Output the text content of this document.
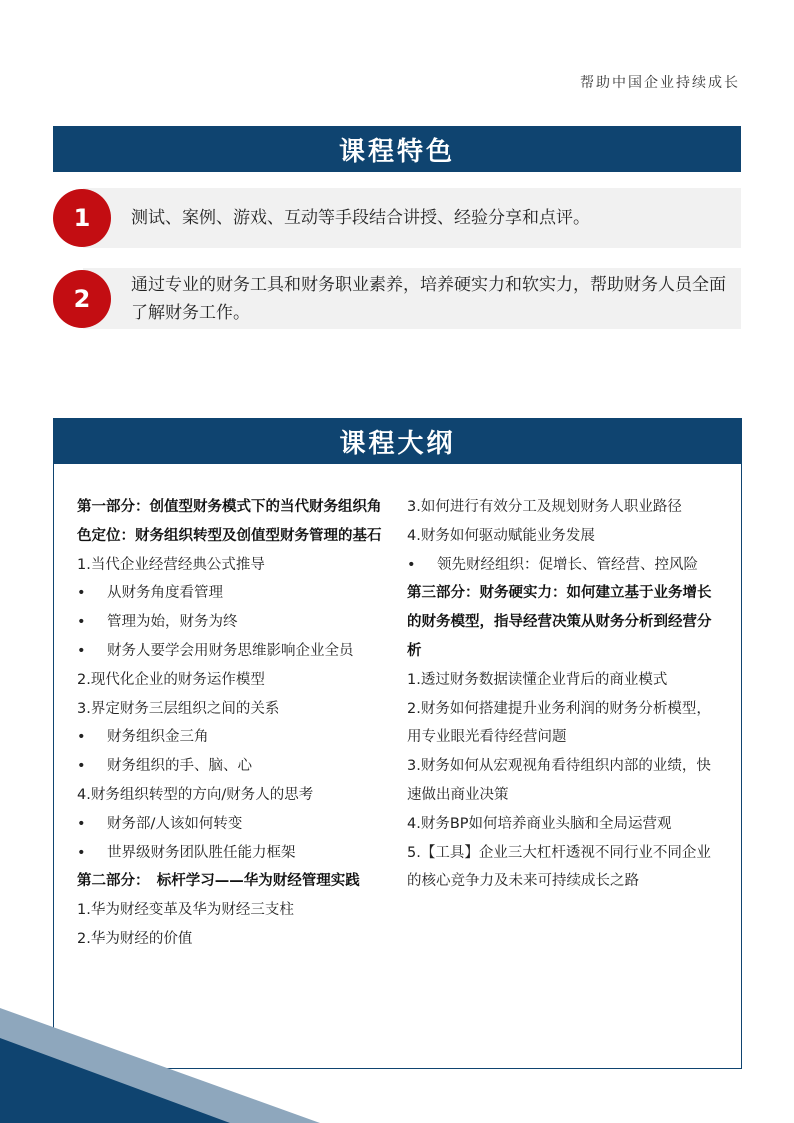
帮助中国企业持续成长
课程特色
1	测试、案例、游戏、互动等手段结合讲授、经验分享和点评。
2	通过专业的财务工具和财务职业素养，培养硬实力和软实力，帮助财务人员全面了解财务工作。
课程大纲
第一部分：创值型财务模式下的当代财务组织角色定位：财务组织转型及创值型财务管理的基石
1.当代企业经营经典公式推导
•	从财务角度看管理
•	管理为始，财务为终
•	财务人要学会用财务思维影响企业全员
2.现代化企业的财务运作模型
3.界定财务三层组织之间的关系
•	财务组织金三角
•	财务组织的手、脑、心
4.财务组织转型的方向/财务人的思考
•	财务部/人该如何转变
•	世界级财务团队胜任能力框架
第二部分：　标杆学习——华为财经管理实践
1.华为财经变革及华为财经三支柱
2.华为财经的价值
3.如何进行有效分工及规划财务人职业路径
4.财务如何驱动赋能业务发展
•	领先财经组织：促增长、管经营、控风险
第三部分：财务硬实力：如何建立基于业务增长的财务模型，指导经营决策从财务分析到经营分析
1.透过财务数据读懂企业背后的商业模式
2.财务如何搭建提升业务利润的财务分析模型，用专业眼光看待经营问题
3.财务如何从宏观视角看待组织内部的业绩，快速做出商业决策
4.财务BP如何培养商业头脑和全局运营观
5.【工具】企业三大杠杆透视不同行业不同企业的核心竞争力及未来可持续成长之路
